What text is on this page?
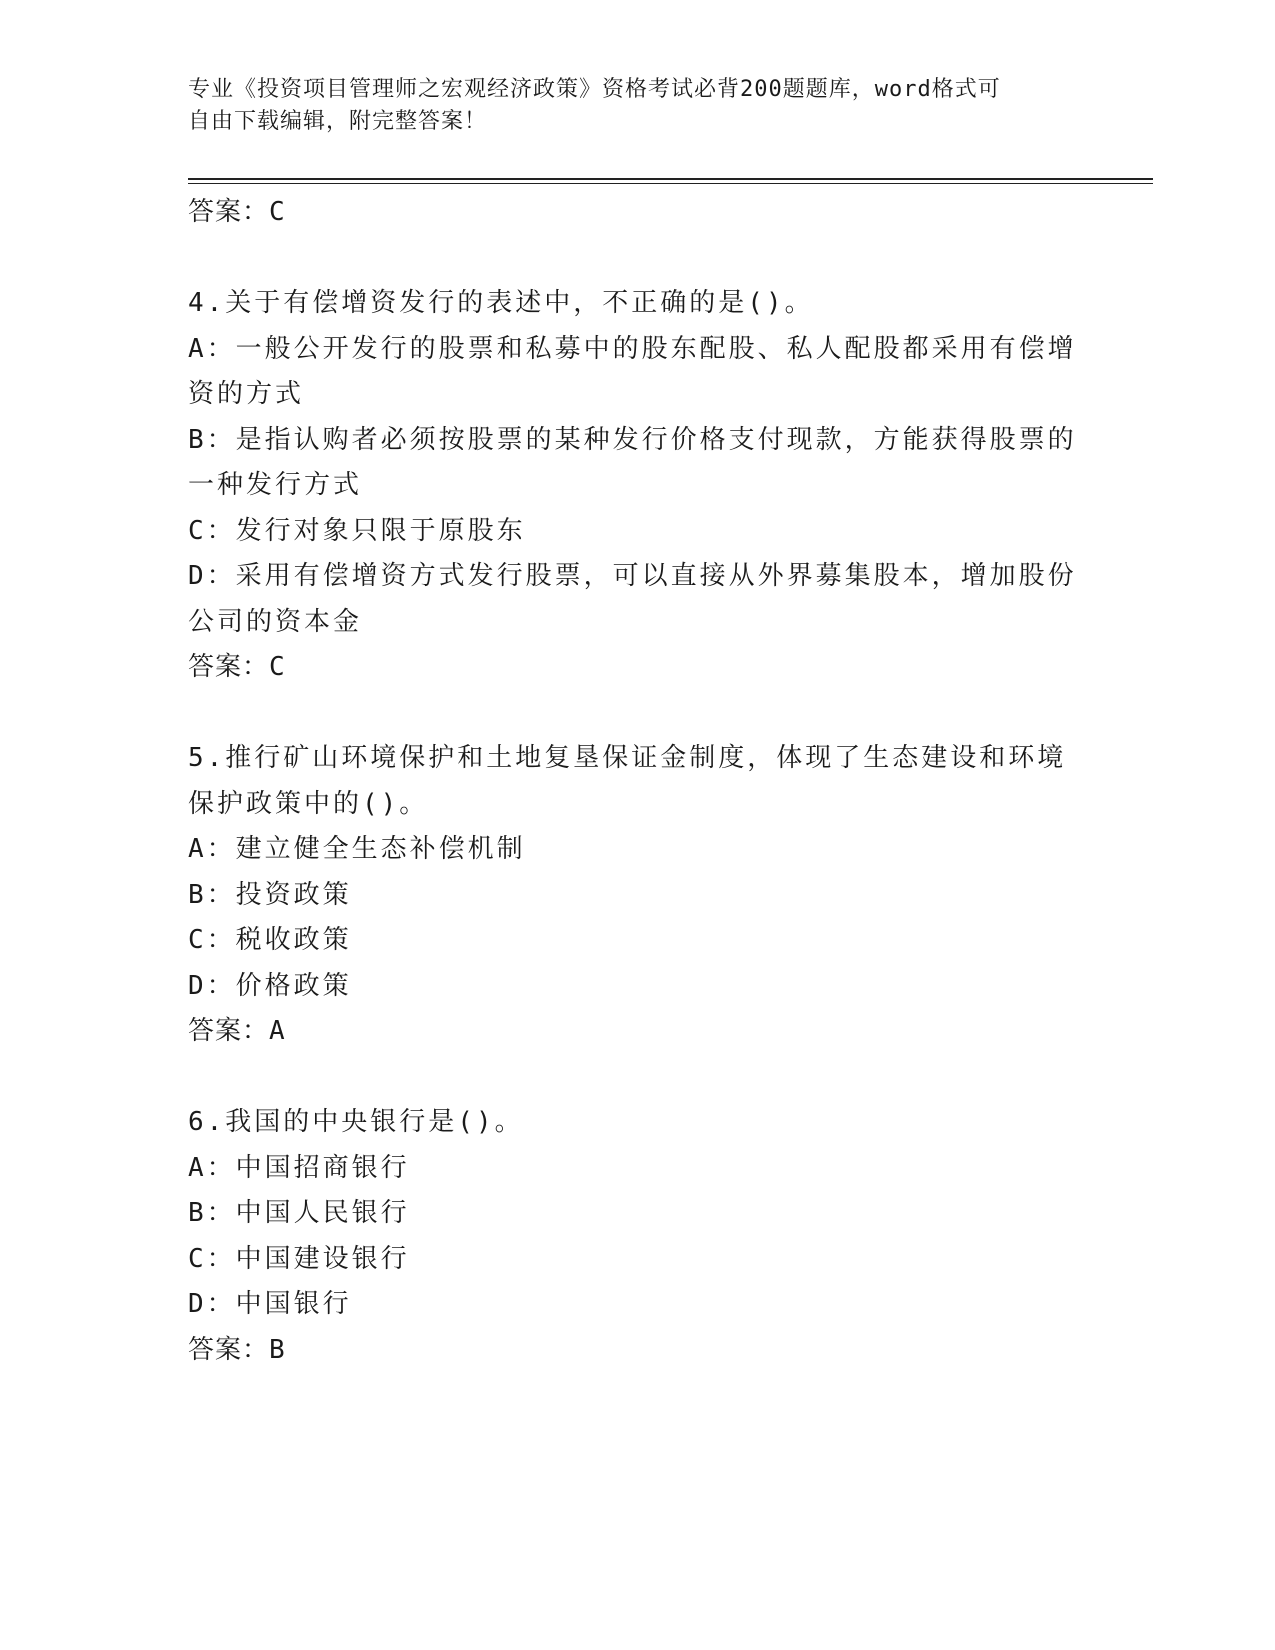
专业《投资项目管理师之宏观经济政策》资格考试必背200题题库，word格式可
自由下载编辑，附完整答案！
答案：C
4.关于有偿增资发行的表述中，不正确的是()。
A：一般公开发行的股票和私募中的股东配股、私人配股都采用有偿增
资的方式
B：是指认购者必须按股票的某种发行价格支付现款，方能获得股票的
一种发行方式
C：发行对象只限于原股东
D：采用有偿增资方式发行股票，可以直接从外界募集股本，增加股份
公司的资本金
答案：C
5.推行矿山环境保护和土地复垦保证金制度，体现了生态建设和环境
保护政策中的()。
A：建立健全生态补偿机制
B：投资政策
C：税收政策
D：价格政策
答案：A
6.我国的中央银行是()。
A：中国招商银行
B：中国人民银行
C：中国建设银行
D：中国银行
答案：B
